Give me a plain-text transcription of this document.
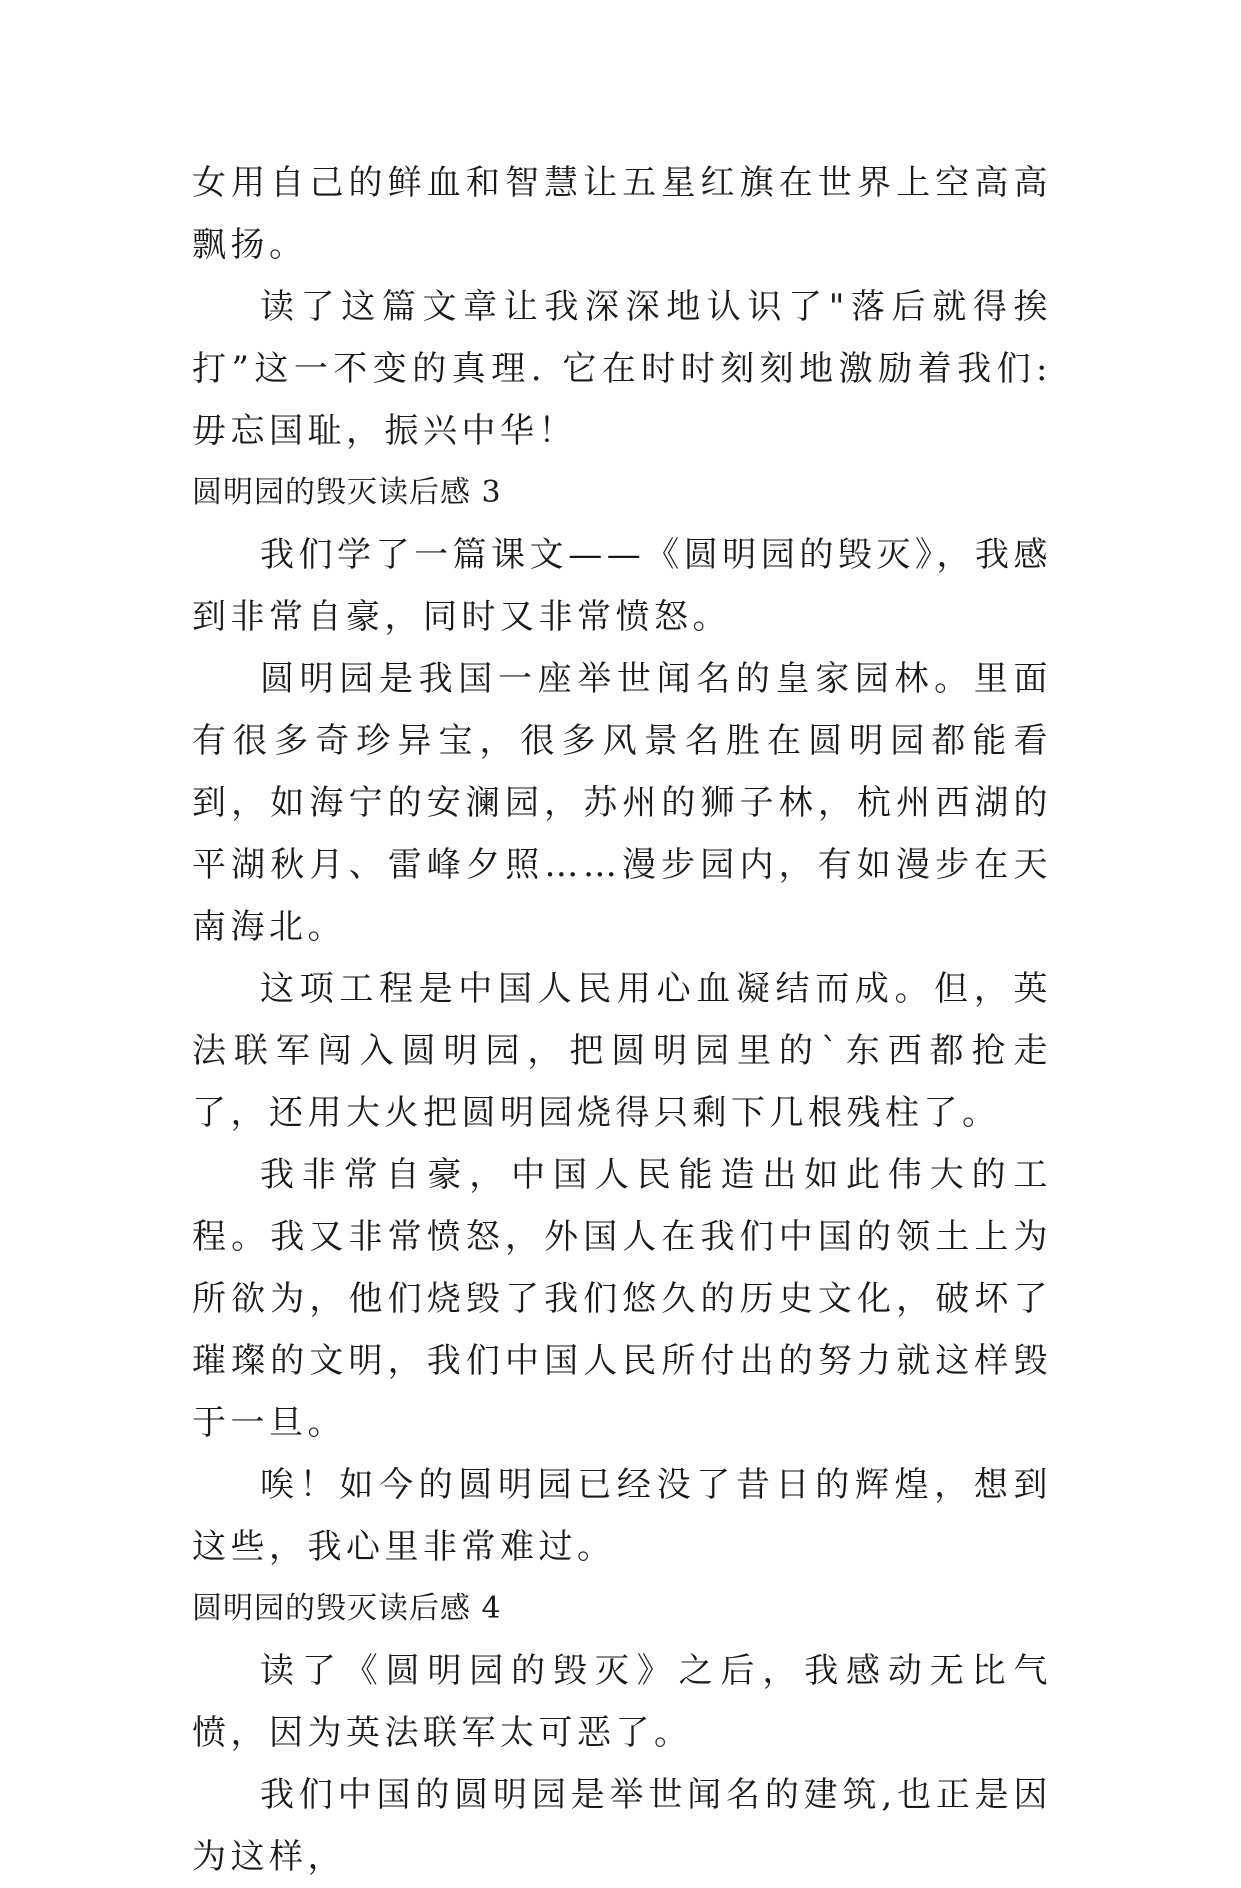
女用自己的鲜血和智慧让五星红旗在世界上空高高飘扬。

读了这篇文章让我深深地认识了"落后就得挨打”这一不变的真理. 它在时时刻刻地激励着我们: 毋忘国耻，振兴中华！

圆明园的毁灭读后感 3

我们学了一篇课文——《圆明园的毁灭》，我感到非常自豪，同时又非常愤怒。

圆明园是我国一座举世闻名的皇家园林。里面有很多奇珍异宝，很多风景名胜在圆明园都能看到，如海宁的安澜园，苏州的狮子林，杭州西湖的平湖秋月、雷峰夕照……漫步园内，有如漫步在天南海北。

这项工程是中国人民用心血凝结而成。但，英法联军闯入圆明园，把圆明园里的`东西都抢走了，还用大火把圆明园烧得只剩下几根残柱了。

我非常自豪，中国人民能造出如此伟大的工程。我又非常愤怒，外国人在我们中国的领土上为所欲为，他们烧毁了我们悠久的历史文化，破坏了璀璨的文明，我们中国人民所付出的努力就这样毁于一旦。

唉！如今的圆明园已经没了昔日的辉煌，想到这些，我心里非常难过。

圆明园的毁灭读后感 4

读了《圆明园的毁灭》之后，我感动无比气愤，因为英法联军太可恶了。

我们中国的圆明园是举世闻名的建筑,也正是因为这样，
